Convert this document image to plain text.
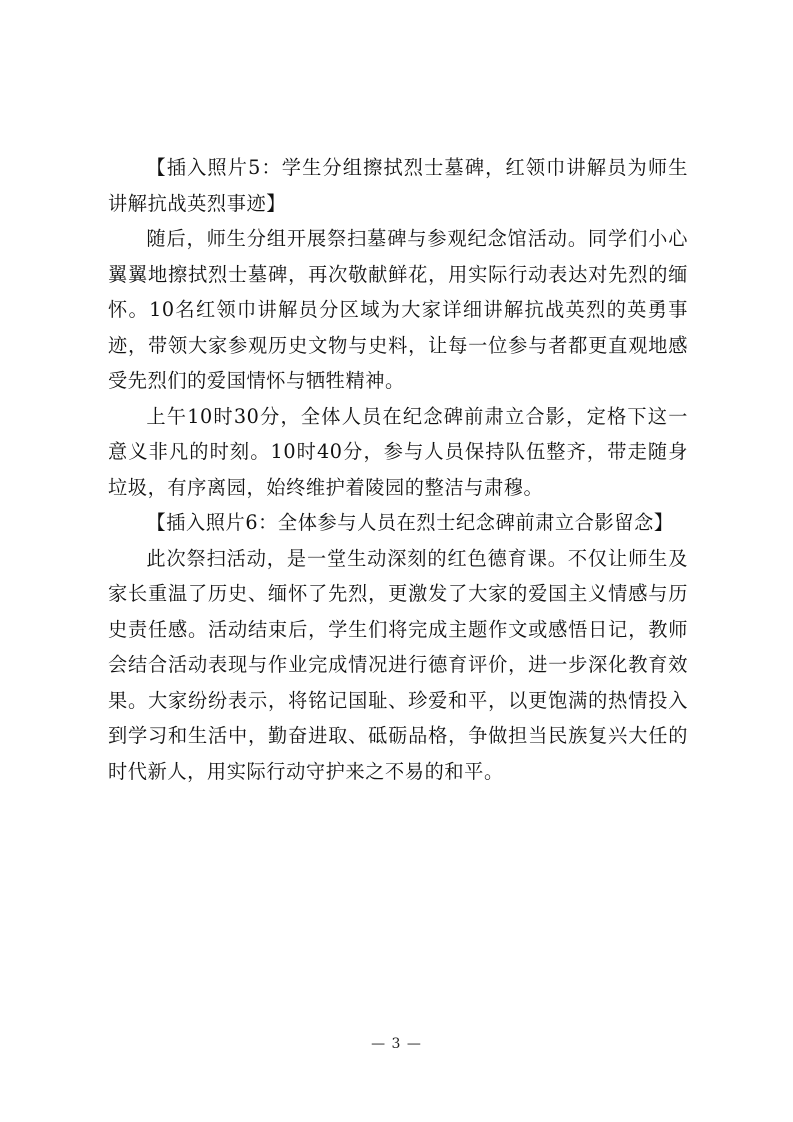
【插入照片5：学生分组擦拭烈士墓碑，红领巾讲解员为师生讲解抗战英烈事迹】

随后，师生分组开展祭扫墓碑与参观纪念馆活动。同学们小心翼翼地擦拭烈士墓碑，再次敬献鲜花，用实际行动表达对先烈的缅怀。10名红领巾讲解员分区域为大家详细讲解抗战英烈的英勇事迹，带领大家参观历史文物与史料，让每一位参与者都更直观地感受先烈们的爱国情怀与牺牲精神。

上午10时30分，全体人员在纪念碑前肃立合影，定格下这一意义非凡的时刻。10时40分，参与人员保持队伍整齐，带走随身垃圾，有序离园，始终维护着陵园的整洁与肃穆。

【插入照片6：全体参与人员在烈士纪念碑前肃立合影留念】

此次祭扫活动，是一堂生动深刻的红色德育课。不仅让师生及家长重温了历史、缅怀了先烈，更激发了大家的爱国主义情感与历史责任感。活动结束后，学生们将完成主题作文或感悟日记，教师会结合活动表现与作业完成情况进行德育评价，进一步深化教育效果。大家纷纷表示，将铭记国耻、珍爱和平，以更饱满的热情投入到学习和生活中，勤奋进取、砥砺品格，争做担当民族复兴大任的时代新人，用实际行动守护来之不易的和平。

— 3 —
